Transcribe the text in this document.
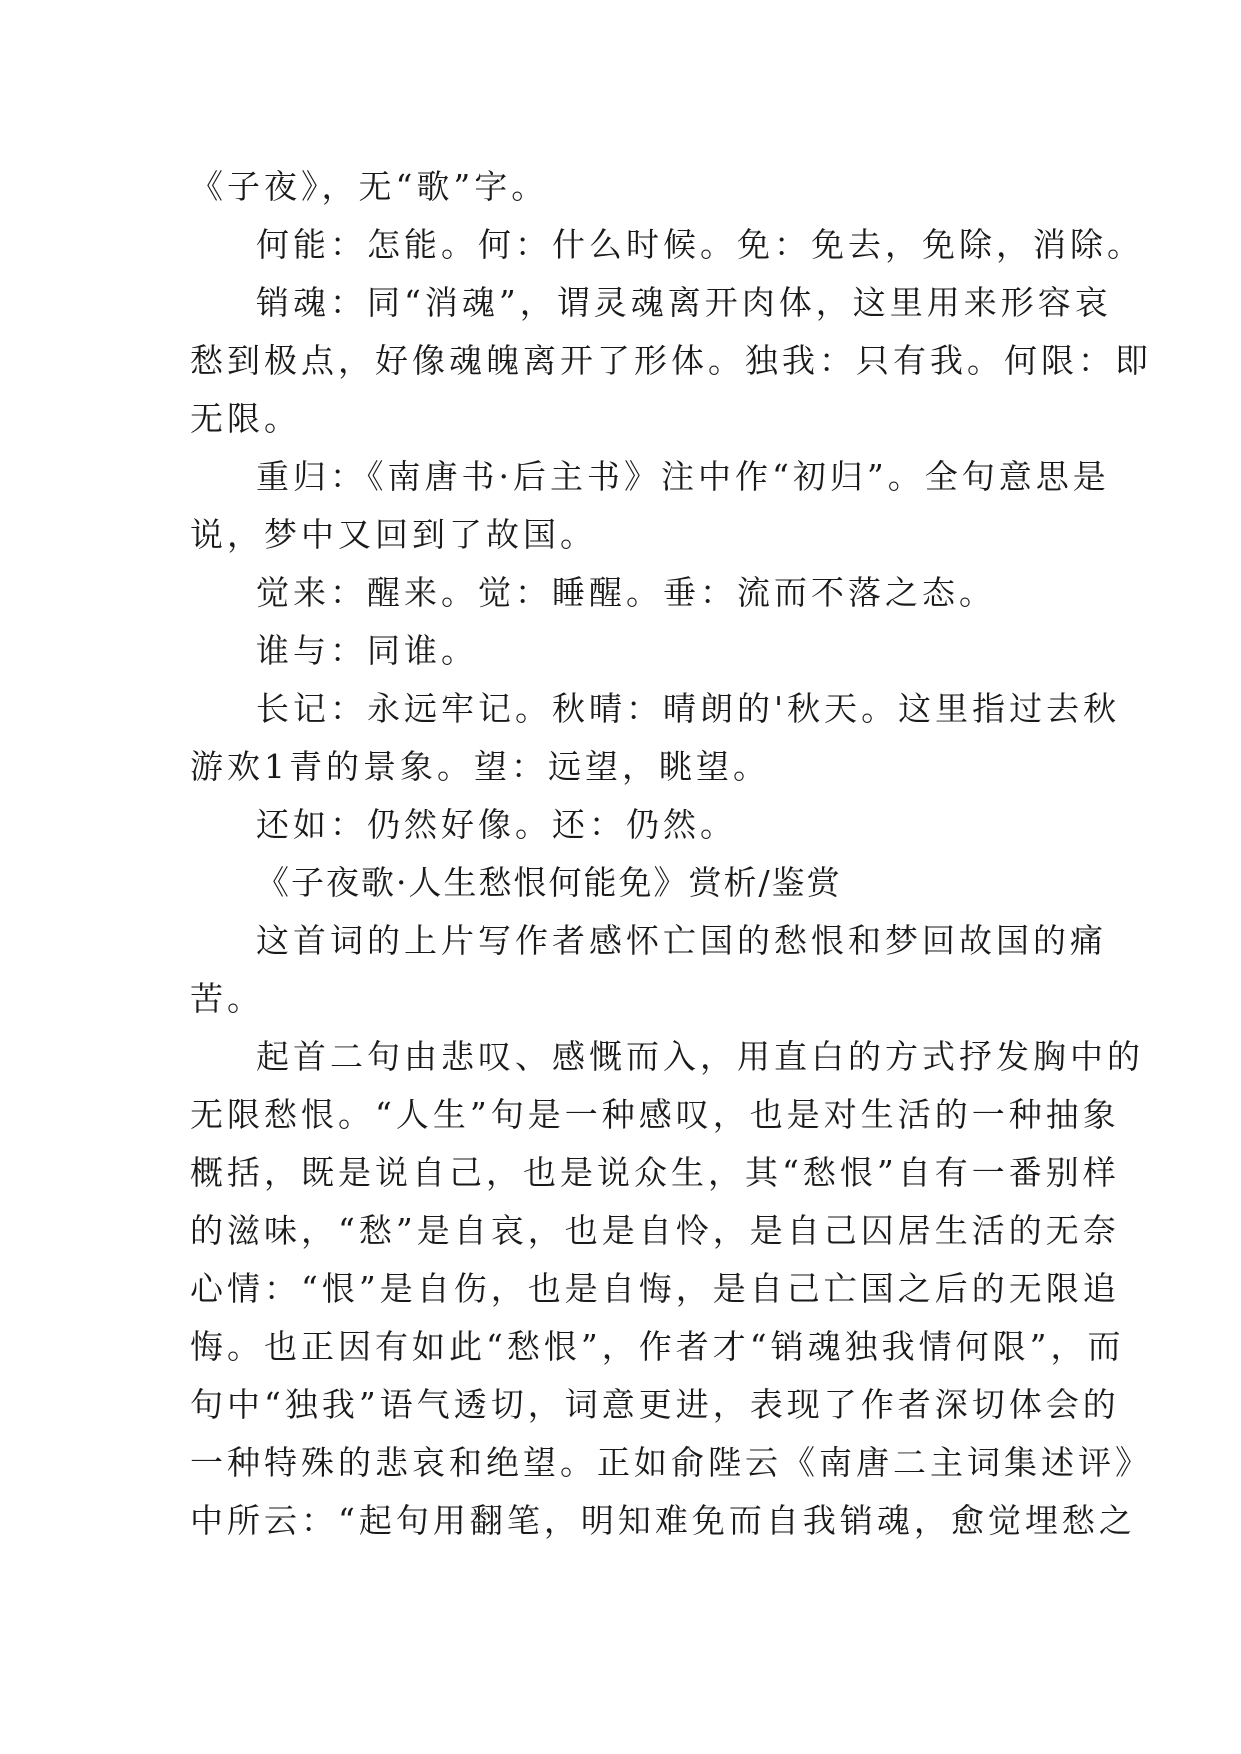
《子夜》，无“歌”字。
何能：怎能。何：什么时候。免：免去，免除，消除。
销魂：同“消魂”，谓灵魂离开肉体，这里用来形容哀
愁到极点，好像魂魄离开了形体。独我：只有我。何限：即
无限。
重归：《南唐书·后主书》注中作“初归”。全句意思是
说，梦中又回到了故国。
觉来：醒来。觉：睡醒。垂：流而不落之态。
谁与：同谁。
长记：永远牢记。秋晴：晴朗的'秋天。这里指过去秋
游欢1青的景象。望：远望，眺望。
还如：仍然好像。还：仍然。
《子夜歌·人生愁恨何能免》赏析/鉴赏
这首词的上片写作者感怀亡国的愁恨和梦回故国的痛
苦。
起首二句由悲叹、感慨而入，用直白的方式抒发胸中的
无限愁恨。“人生”句是一种感叹，也是对生活的一种抽象
概括，既是说自己，也是说众生，其“愁恨”自有一番别样
的滋味，“愁”是自哀，也是自怜，是自己囚居生活的无奈
心情：“恨”是自伤，也是自悔，是自己亡国之后的无限追
悔。也正因有如此“愁恨”，作者才“销魂独我情何限”，而
句中“独我”语气透切，词意更进，表现了作者深切体会的
一种特殊的悲哀和绝望。正如俞陛云《南唐二主词集述评》
中所云：“起句用翻笔，明知难免而自我销魂，愈觉埋愁之
